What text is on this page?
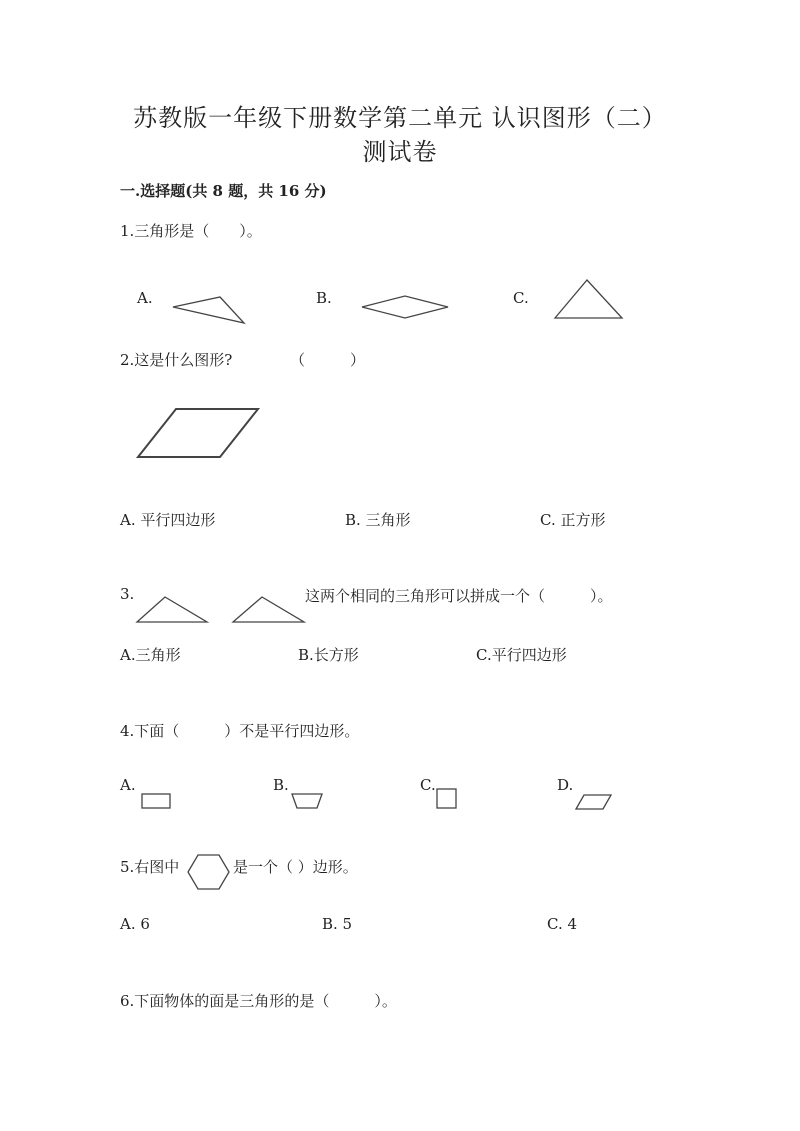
苏教版一年级下册数学第二单元 认识图形（二）
测试卷
一.选择题(共 8 题，共 16 分)
1.三角形是（　　）。
A.	B.	C.
2.这是什么图形?	（　　　）
A. 平行四边形	B. 三角形	C. 正方形
3.	这两个相同的三角形可以拼成一个（　　　）。
A.三角形	B.长方形	C.平行四边形
4.下面（　　　）不是平行四边形。
A.	B.	C.	D.
5.右图中	是一个（ ）边形。
A. 6	B. 5	C. 4
6.下面物体的面是三角形的是（　　　）。
